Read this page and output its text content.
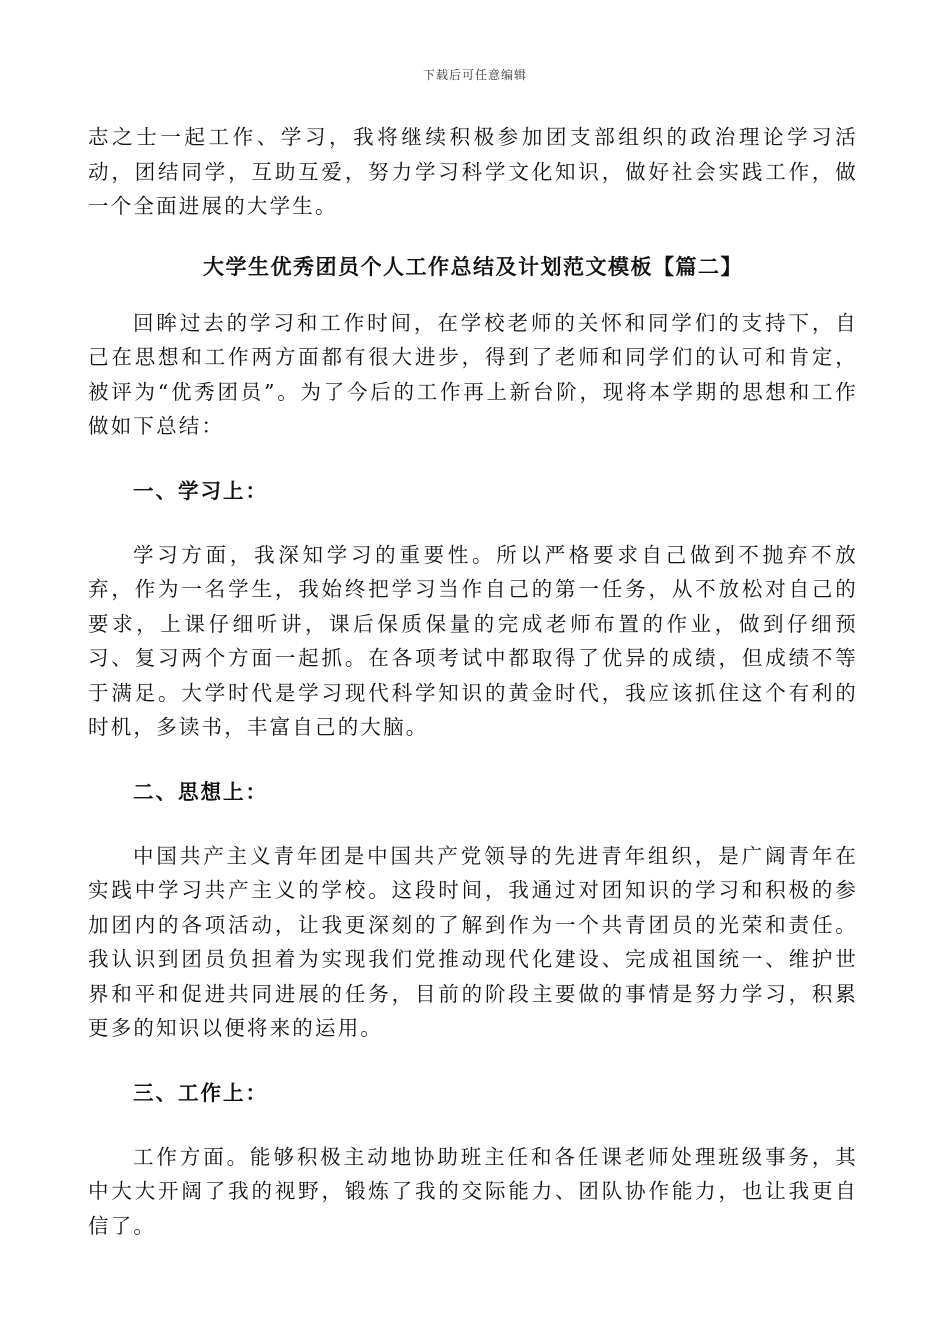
下载后可任意编辑

志之士一起工作、学习，我将继续积极参加团支部组织的政治理论学习活动，团结同学，互助互爱，努力学习科学文化知识，做好社会实践工作，做一个全面进展的大学生。

大学生优秀团员个人工作总结及计划范文模板【篇二】

回眸过去的学习和工作时间，在学校老师的关怀和同学们的支持下，自己在思想和工作两方面都有很大进步，得到了老师和同学们的认可和肯定，被评为“优秀团员”。为了今后的工作再上新台阶，现将本学期的思想和工作做如下总结：

一、学习上：

学习方面，我深知学习的重要性。所以严格要求自己做到不抛弃不放弃，作为一名学生，我始终把学习当作自己的第一任务，从不放松对自己的要求，上课仔细听讲，课后保质保量的完成老师布置的作业，做到仔细预习、复习两个方面一起抓。在各项考试中都取得了优异的成绩，但成绩不等于满足。大学时代是学习现代科学知识的黄金时代，我应该抓住这个有利的时机，多读书，丰富自己的大脑。

二、思想上：

中国共产主义青年团是中国共产党领导的先进青年组织，是广阔青年在实践中学习共产主义的学校。这段时间，我通过对团知识的学习和积极的参加团内的各项活动，让我更深刻的了解到作为一个共青团员的光荣和责任。我认识到团员负担着为实现我们党推动现代化建设、完成祖国统一、维护世界和平和促进共同进展的任务，目前的阶段主要做的事情是努力学习，积累更多的知识以便将来的运用。

三、工作上：

工作方面。能够积极主动地协助班主任和各任课老师处理班级事务，其中大大开阔了我的视野，锻炼了我的交际能力、团队协作能力，也让我更自信了。
